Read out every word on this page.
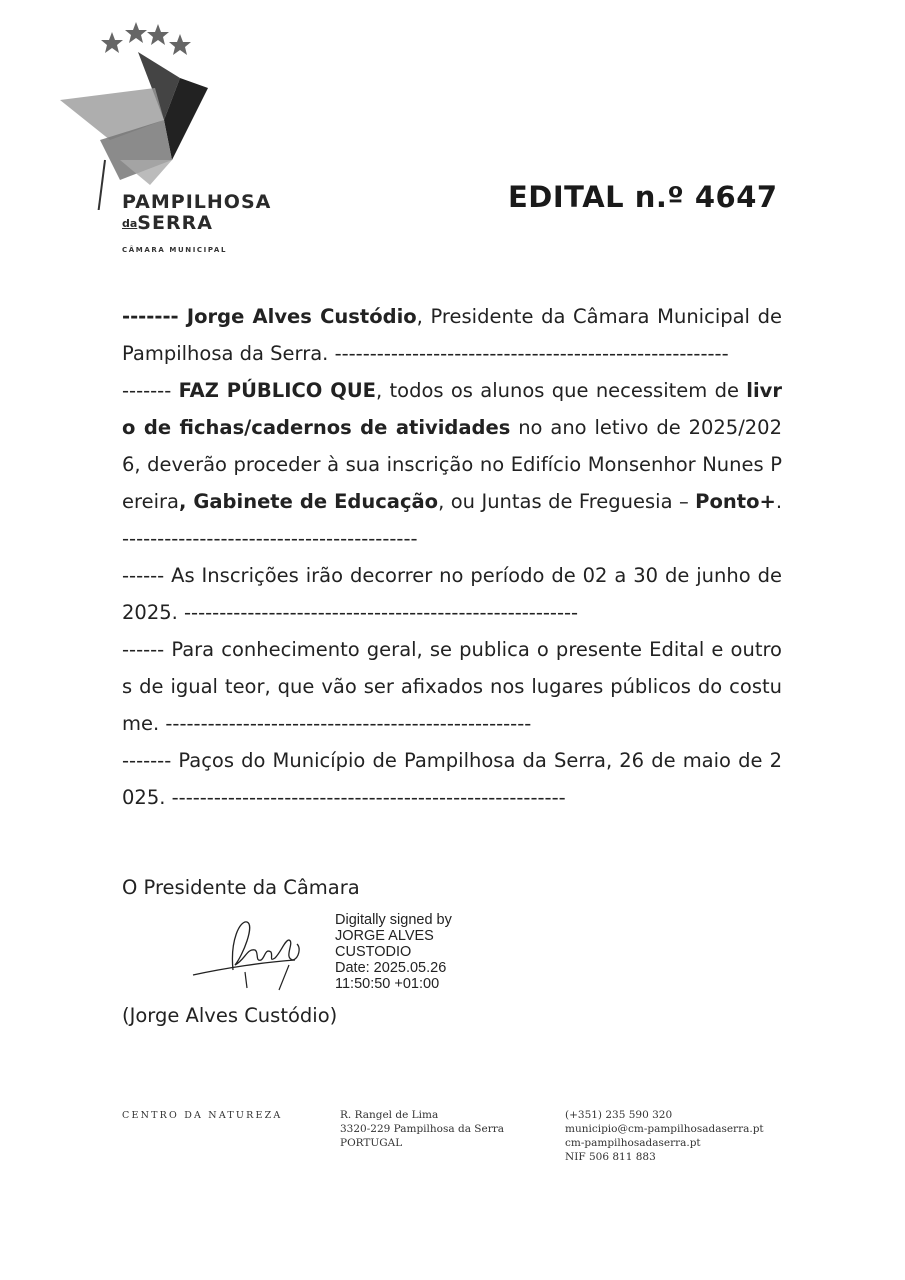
PAMPILHOSA
daSERRA
CÂMARA MUNICIPAL
EDITAL n.º 4647

------- Jorge Alves Custódio, Presidente da Câmara Municipal de Pampilhosa da Serra. --------------------------------------------------------

------- FAZ PÚBLICO QUE, todos os alunos que necessitem de livro de fichas/cadernos de atividades no ano letivo de 2025/2026, deverão proceder à sua inscrição no Edifício Monsenhor Nunes Pereira, Gabinete de Educação, ou Juntas de Freguesia – Ponto+. ------------------------------------------

------ As Inscrições irão decorrer no período de 02 a 30 de junho de 2025. --------------------------------------------------------

------ Para conhecimento geral, se publica o presente Edital e outros de igual teor, que vão ser afixados nos lugares públicos do costume. ----------------------------------------------------

------- Paços do Município de Pampilhosa da Serra, 26 de maio de 2025. --------------------------------------------------------

O Presidente da Câmara
Digitally signed by
JORGE ALVES
CUSTODIO
Date: 2025.05.26
11:50:50 +01:00
(Jorge Alves Custódio)
CENTRO DA NATUREZA	R. Rangel de Lima
3320-229 Pampilhosa da Serra
PORTUGAL
(+351) 235 590 320
municipio@cm-pampilhosadaserra.pt
cm-pampilhosadaserra.pt
NIF 506 811 883
